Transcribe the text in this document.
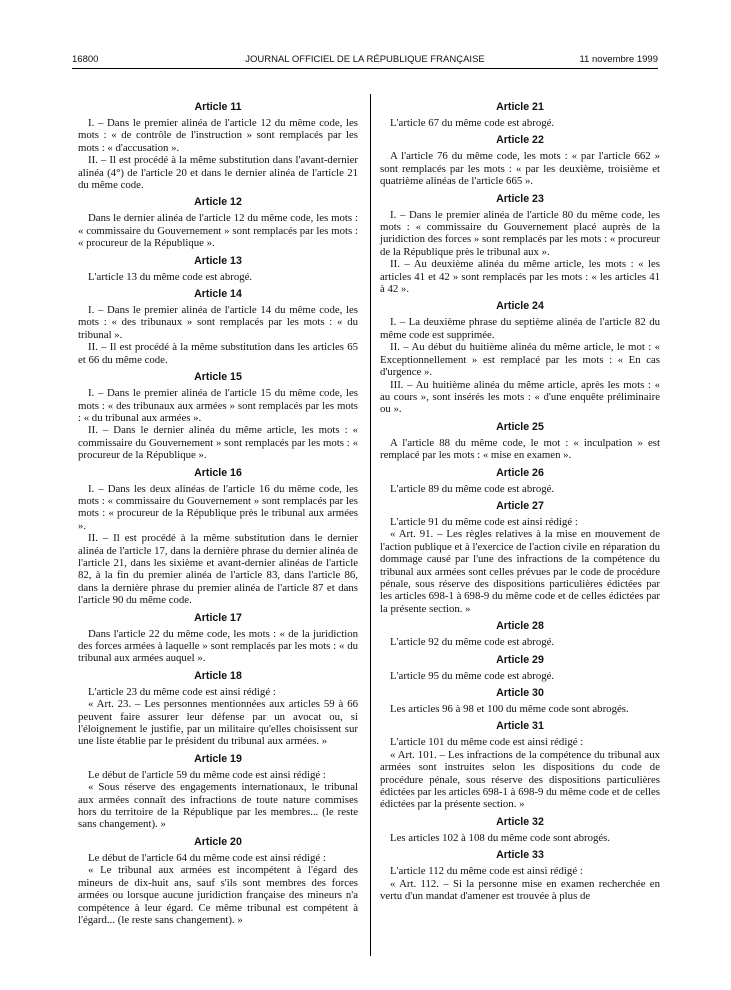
16800	JOURNAL OFFICIEL DE LA RÉPUBLIQUE FRANÇAISE	11 novembre 1999
Article 11

I. – Dans le premier alinéa de l'article 12 du même code, les mots : « de contrôle de l'instruction » sont remplacés par les mots : « d'accusation ».

II. – Il est procédé à la même substitution dans l'avant-dernier alinéa (4°) de l'article 20 et dans le dernier alinéa de l'article 21 du même code.

Article 12

Dans le dernier alinéa de l'article 12 du même code, les mots : « commissaire du Gouvernement » sont remplacés par les mots : « procureur de la République ».

Article 13

L'article 13 du même code est abrogé.

Article 14

I. – Dans le premier alinéa de l'article 14 du même code, les mots : « des tribunaux » sont remplacés par les mots : « du tribunal ».

II. – Il est procédé à la même substitution dans les articles 65 et 66 du même code.

Article 15

I. – Dans le premier alinéa de l'article 15 du même code, les mots : « des tribunaux aux armées » sont remplacés par les mots : « du tribunal aux armées ».

II. – Dans le dernier alinéa du même article, les mots : « commissaire du Gouvernement » sont remplacés par les mots : « procureur de la République ».

Article 16

I. – Dans les deux alinéas de l'article 16 du même code, les mots : « commissaire du Gouvernement » sont remplacés par les mots : « procureur de la République près le tribunal aux armées ».

II. – Il est procédé à la même substitution dans le dernier alinéa de l'article 17, dans la dernière phrase du dernier alinéa de l'article 21, dans les sixième et avant-dernier alinéas de l'article 82, à la fin du premier alinéa de l'article 83, dans l'article 86, dans la dernière phrase du premier alinéa de l'article 87 et dans l'article 90 du même code.

Article 17

Dans l'article 22 du même code, les mots : « de la juridiction des forces armées à laquelle » sont remplacés par les mots : « du tribunal aux armées auquel ».

Article 18

L'article 23 du même code est ainsi rédigé :

« Art. 23. – Les personnes mentionnées aux articles 59 à 66 peuvent faire assurer leur défense par un avocat ou, si l'éloignement le justifie, par un militaire qu'elles choisissent sur une liste établie par le président du tribunal aux armées. »

Article 19

Le début de l'article 59 du même code est ainsi rédigé :

« Sous réserve des engagements internationaux, le tribunal aux armées connaît des infractions de toute nature commises hors du territoire de la République par les membres... (le reste sans changement). »

Article 20

Le début de l'article 64 du même code est ainsi rédigé :

« Le tribunal aux armées est incompétent à l'égard des mineurs de dix-huit ans, sauf s'ils sont membres des forces armées ou lorsque aucune juridiction française des mineurs n'a compétence à leur égard. Ce même tribunal est compétent à l'égard... (le reste sans changement). »

Article 21

L'article 67 du même code est abrogé.

Article 22

A l'article 76 du même code, les mots : « par l'article 662 » sont remplacés par les mots : « par les deuxième, troisième et quatrième alinéas de l'article 665 ».

Article 23

I. – Dans le premier alinéa de l'article 80 du même code, les mots : « commissaire du Gouvernement placé auprès de la juridiction des forces » sont remplacés par les mots : « procureur de la République près le tribunal aux ».

II. – Au deuxième alinéa du même article, les mots : « les articles 41 et 42 » sont remplacés par les mots : « les articles 41 à 42 ».

Article 24

I. – La deuxième phrase du septième alinéa de l'article 82 du même code est supprimée.

II. – Au début du huitième alinéa du même article, le mot : « Exceptionnellement » est remplacé par les mots : « En cas d'urgence ».

III. – Au huitième alinéa du même article, après les mots : « au cours », sont insérés les mots : « d'une enquête préliminaire ou ».

Article 25

A l'article 88 du même code, le mot : « inculpation » est remplacé par les mots : « mise en examen ».

Article 26

L'article 89 du même code est abrogé.

Article 27

L'article 91 du même code est ainsi rédigé :

« Art. 91. – Les règles relatives à la mise en mouvement de l'action publique et à l'exercice de l'action civile en réparation du dommage causé par l'une des infractions de la compétence du tribunal aux armées sont celles prévues par le code de procédure pénale, sous réserve des dispositions particulières édictées par les articles 698-1 à 698-9 du même code et de celles édictées par la présente section. »

Article 28

L'article 92 du même code est abrogé.

Article 29

L'article 95 du même code est abrogé.

Article 30

Les articles 96 à 98 et 100 du même code sont abrogés.

Article 31

L'article 101 du même code est ainsi rédigé :

« Art. 101. – Les infractions de la compétence du tribunal aux armées sont instruites selon les dispositions du code de procédure pénale, sous réserve des dispositions particulières édictées par les articles 698-1 à 698-9 du même code et de celles édictées par la présente section. »

Article 32

Les articles 102 à 108 du même code sont abrogés.

Article 33

L'article 112 du même code est ainsi rédigé :

« Art. 112. – Si la personne mise en examen recherchée en vertu d'un mandat d'amener est trouvée à plus de
